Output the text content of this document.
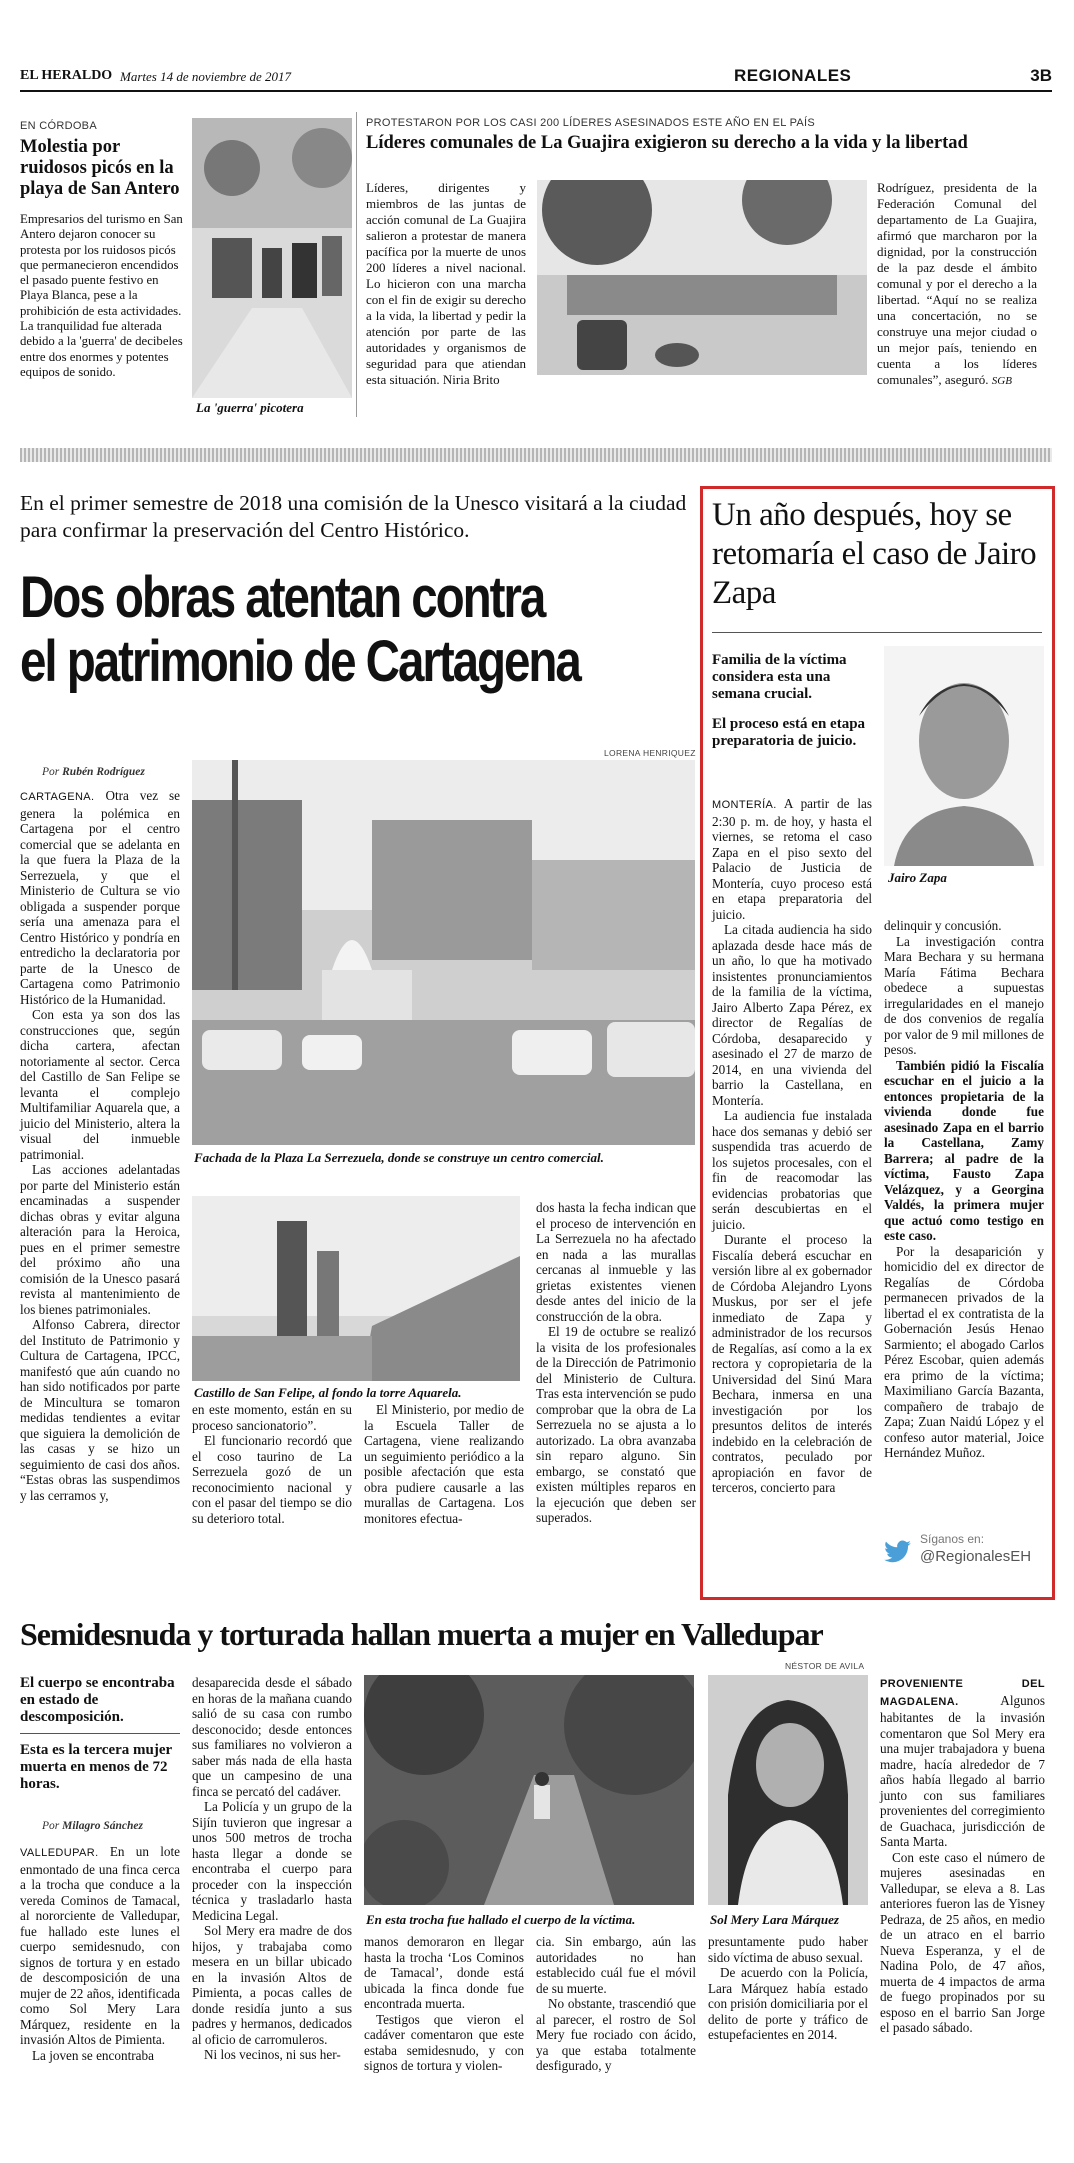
EL HERALDO Martes 14 de noviembre de 2017	REGIONALES	3B
EN CÓRDOBA
Molestia por ruidosos picós en la playa de San Antero

Empresarios del turismo en San Antero dejaron conocer su protesta por los ruidosos picós que permanecieron encendidos el pasado puente festivo en Playa Blanca, pese a la prohibición de esta actividades. La tranquilidad fue alterada debido a la 'guerra' de decibeles entre dos enormes y potentes equipos de sonido.

La 'guerra' picotera
PROTESTARON POR LOS CASI 200 LÍDERES ASESINADOS ESTE AÑO EN EL PAÍS
Líderes comunales de La Guajira exigieron su derecho a la vida y la libertad

Líderes, dirigentes y miembros de las juntas de acción comunal de La Guajira salieron a protestar de manera pacífica por la muerte de unos 200 líderes a nivel nacional. Lo hicieron con una marcha con el fin de exigir su derecho a la vida, la libertad y pedir la atención por parte de las autoridades y organismos de seguridad para que atiendan esta situación. Niria Brito

Rodríguez, presidenta de la Federación Comunal del departamento de La Guajira, afirmó que marcharon por la dignidad, por la construcción de la paz desde el ámbito comunal y por el derecho a la libertad. “Aquí no se realiza una concertación, no se construye una mejor ciudad o un mejor país, teniendo en cuenta a los líderes comunales”, aseguró. SGB

En el primer semestre de 2018 una comisión de la Unesco visitará a la ciudad para confirmar la preservación del Centro Histórico.
Dos obras atentan contra el patrimonio de Cartagena
LORENA HENRIQUEZ
Por Rubén Rodríguez

CARTAGENA. Otra vez se genera la polémica en Cartagena por el centro comercial que se adelanta en la que fuera la Plaza de la Serrezuela, y que el Ministerio de Cultura se vio obligada a suspender porque sería una amenaza para el Centro Histórico y pondría en entredicho la declaratoria por parte de la Unesco de Cartagena como Patrimonio Histórico de la Humanidad.

Con esta ya son dos las construcciones que, según dicha cartera, afectan notoriamente al sector. Cerca del Castillo de San Felipe se levanta el complejo Multifamiliar Aquarela que, a juicio del Ministerio, altera la visual del inmueble patrimonial.

Las acciones adelantadas por parte del Ministerio están encaminadas a suspender dichas obras y evitar alguna alteración para la Heroica, pues en el primer semestre del próximo año una comisión de la Unesco pasará revista al mantenimiento de los bienes patrimoniales.

Alfonso Cabrera, director del Instituto de Patrimonio y Cultura de Cartagena, IPCC, manifestó que aún cuando no han sido notificados por parte de Mincultura se tomaron medidas tendientes a evitar que siguiera la demolición de las casas y se hizo un seguimiento de casi dos años. “Estas obras las suspendimos y las cerramos y,

Fachada de la Plaza La Serrezuela, donde se construye un centro comercial.
Castillo de San Felipe, al fondo la torre Aquarela.

en este momento, están en su proceso sancionatorio”.

El funcionario recordó que el coso taurino de La Serrezuela gozó de un reconocimiento nacional y con el pasar del tiempo se dio su deterioro total.

El Ministerio, por medio de la Escuela Taller de Cartagena, viene realizando un seguimiento periódico a la posible afectación que esta obra pudiere causarle a las murallas de Cartagena. Los monitores efectua-

dos hasta la fecha indican que el proceso de intervención en La Serrezuela no ha afectado en nada a las murallas cercanas al inmueble y las grietas existentes vienen desde antes del inicio de la construcción de la obra.

El 19 de octubre se realizó la visita de los profesionales de la Dirección de Patrimonio del Ministerio de Cultura. Tras esta intervención se pudo comprobar que la obra de La Serrezuela no se ajusta a lo autorizado. La obra avanzaba sin reparo alguno. Sin embargo, se constató que existen múltiples reparos en la ejecución que deben ser superados.

Un año después, hoy se retomaría el caso de Jairo Zapa
Familia de la víctima considera esta una semana crucial.
El proceso está en etapa preparatoria de juicio.
Jairo Zapa

MONTERÍA. A partir de las 2:30 p. m. de hoy, y hasta el viernes, se retoma el caso Zapa en el piso sexto del Palacio de Justicia de Montería, cuyo proceso está en etapa preparatoria del juicio.

La citada audiencia ha sido aplazada desde hace más de un año, lo que ha motivado insistentes pronunciamientos de la familia de la víctima, Jairo Alberto Zapa Pérez, ex director de Regalías de Córdoba, desaparecido y asesinado el 27 de marzo de 2014, en una vivienda del barrio la Castellana, en Montería.

La audiencia fue instalada hace dos semanas y debió ser suspendida tras acuerdo de los sujetos procesales, con el fin de reacomodar las evidencias probatorias que serán descubiertas en el juicio.

Durante el proceso la Fiscalía deberá escuchar en versión libre al ex gobernador de Córdoba Alejandro Lyons Muskus, por ser el jefe inmediato de Zapa y administrador de los recursos de Regalías, así como a la ex rectora y copropietaria de la Universidad del Sinú Mara Bechara, inmersa en una investigación por los presuntos delitos de interés indebido en la celebración de contratos, peculado por apropiación en favor de terceros, concierto para

delinquir y concusión.

La investigación contra Mara Bechara y su hermana María Fátima Bechara obedece a supuestas irregularidades en el manejo de dos convenios de regalía por valor de 9 mil millones de pesos.

También pidió la Fiscalía escuchar en el juicio a la entonces propietaria de la vivienda donde fue asesinado Zapa en el barrio la Castellana, Zamy Barrera; al padre de la víctima, Fausto Zapa Velázquez, y a Georgina Valdés, la primera mujer que actuó como testigo en este caso.

Por la desaparición y homicidio del ex director de Regalías de Córdoba permanecen privados de la libertad el ex contratista de la Gobernación Jesús Henao Sarmiento; el abogado Carlos Pérez Escobar, quien además era primo de la víctima; Maximiliano García Bazanta, compañero de trabajo de Zapa; Zuan Naidú López y el confeso autor material, Joice Hernández Muñoz.

Síganos en:
@RegionalesEH
Semidesnuda y torturada hallan muerta a mujer en Valledupar
NÉSTOR DE AVILA
El cuerpo se encontraba en estado de descomposición.
Esta es la tercera mujer muerta en menos de 72 horas.
Por Milagro Sánchez

VALLEDUPAR. En un lote enmontado de una finca cerca a la trocha que conduce a la vereda Cominos de Tamacal, al nororciente de Valledupar, fue hallado este lunes el cuerpo semidesnudo, con signos de tortura y en estado de descomposición de una mujer de 22 años, identificada como Sol Mery Lara Márquez, residente en la invasión Altos de Pimienta.

La joven se encontraba

desaparecida desde el sábado en horas de la mañana cuando salió de su casa con rumbo desconocido; desde entonces sus familiares no volvieron a saber más nada de ella hasta que un campesino de una finca se percató del cadáver.

La Policía y un grupo de la Sijín tuvieron que ingresar a unos 500 metros de trocha hasta llegar a donde se encontraba el cuerpo para proceder con la inspección técnica y trasladarlo hasta Medicina Legal.

Sol Mery era madre de dos hijos, y trabajaba como mesera en un billar ubicado en la invasión Altos de Pimienta, a pocas calles de donde residía junto a sus padres y hermanos, dedicados al oficio de carromuleros.

Ni los vecinos, ni sus her-

En esta trocha fue hallado el cuerpo de la víctima.	Sol Mery Lara Márquez

manos demoraron en llegar hasta la trocha ‘Los Cominos de Tamacal’, donde está ubicada la finca donde fue encontrada muerta.

Testigos que vieron el cadáver comentaron que este estaba semidesnudo, y con signos de tortura y violen-

cia. Sin embargo, aún las autoridades no han establecido cuál fue el móvil de su muerte.

No obstante, trascendió que al parecer, el rostro de Sol Mery fue rociado con ácido, ya que estaba totalmente desfigurado, y

presuntamente pudo haber sido víctima de abuso sexual.

De acuerdo con la Policía, Lara Márquez había estado con prisión domiciliaria por el delito de porte y tráfico de estupefacientes en 2014.

PROVENIENTE DEL MAGDALENA.	Algunos habitantes de la invasión comentaron que Sol Mery era una mujer trabajadora y buena madre, hacía alrededor de 7 años había llegado al barrio junto con sus familiares provenientes del corregimiento de Guachaca, jurisdicción de Santa Marta.

Con este caso el número de mujeres asesinadas en Valledupar, se eleva a 8. Las anteriores fueron las de Yisney Pedraza, de 25 años, en medio de un atraco en el barrio Nueva Esperanza, y el de Nadina Polo, de 47 años, muerta de 4 impactos de arma de fuego propinados por su esposo en el barrio San Jorge el pasado sábado.
